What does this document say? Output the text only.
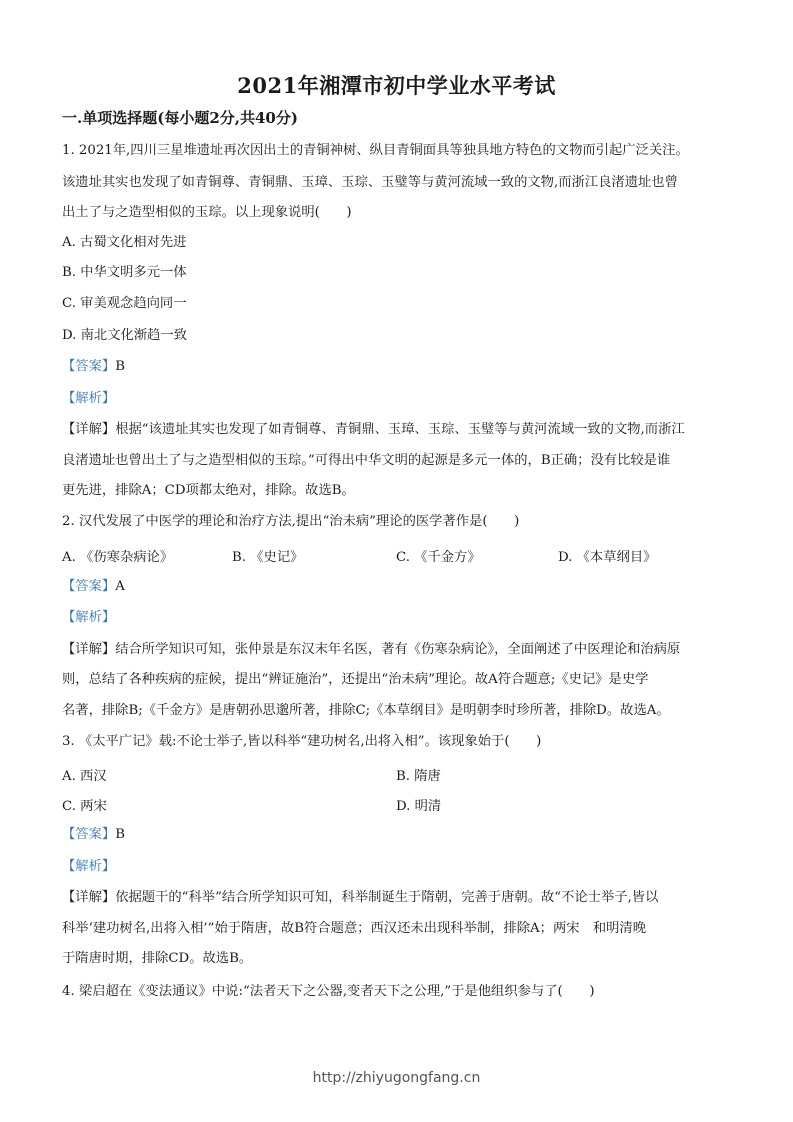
2021年湘潭市初中学业水平考试
一.单项选择题(每小题2分,共40分)
1. 2021年,四川三星堆遗址再次因出土的青铜神树、纵目青铜面具等独具地方特色的文物而引起广泛关注。
该遗址其实也发现了如青铜尊、青铜鼎、玉璋、玉琮、玉璧等与黄河流域一致的文物,而浙江良渚遗址也曾
出土了与之造型相似的玉琮。以上现象说明(　　)
A. 古蜀文化相对先进
B. 中华文明多元一体
C. 审美观念趋向同一
D. 南北文化渐趋一致
【答案】B
【解析】
【详解】根据“该遗址其实也发现了如青铜尊、青铜鼎、玉璋、玉琮、玉璧等与黄河流域一致的文物,而浙江
良渚遗址也曾出土了与之造型相似的玉琮。”可得出中华文明的起源是多元一体的，B正确；没有比较是谁
更先进，排除A；CD项都太绝对，排除。故选B。
2. 汉代发展了中医学的理论和治疗方法,提出“治未病”理论的医学著作是(　　)
A. 《伤寒杂病论》	B. 《史记》	C. 《千金方》	D. 《本草纲目》
【答案】A
【解析】
【详解】结合所学知识可知，张仲景是东汉末年名医，著有《伤寒杂病论》，全面阐述了中医理论和治病原
则，总结了各种疾病的症候，提出“辨证施治”，还提出“治未病”理论。故A符合题意;《史记》是史学
名著，排除B;《千金方》是唐朝孙思邈所著，排除C;《本草纲目》是明朝李时珍所著，排除D。故选A。
3. 《太平广记》载:不论士举子,皆以科举“建功树名,出将入相”。该现象始于(　　)
A. 西汉	B. 隋唐
C. 两宋	D. 明清
【答案】B
【解析】
【详解】依据题干的“科举”结合所学知识可知，科举制诞生于隋朝，完善于唐朝。故“不论士举子,皆以
科举‘建功树名,出将入相’”始于隋唐，故B符合题意；西汉还未出现科举制，排除A；两宋　和明清晚
于隋唐时期，排除CD。故选B。
4. 梁启超在《变法通议》中说:“法者天下之公器,变者天下之公理,”于是他组织参与了(　　)
http://zhiyugongfang.cn
